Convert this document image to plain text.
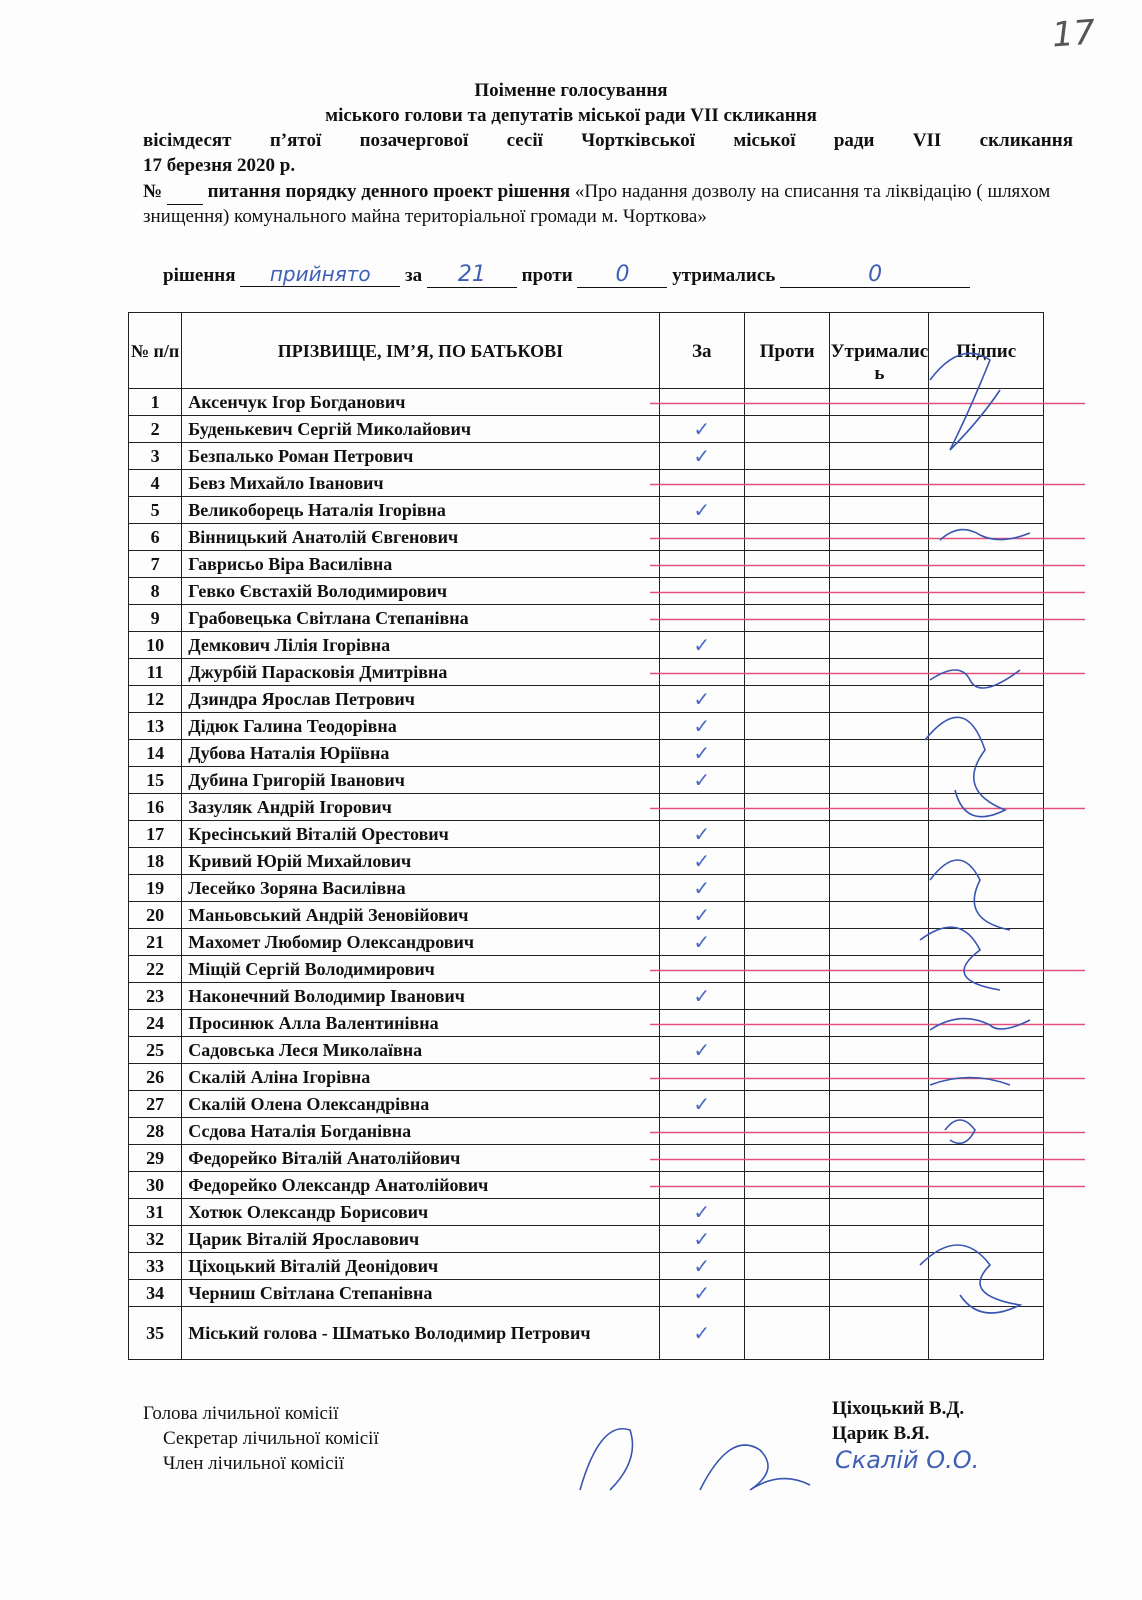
17
Поіменне голосування
міського голови та депутатів міської ради VII скликання
вісімдесят п’ятої позачергової сесії Чортківської міської ради VII скликання
17 березня 2020 р.
№ питання порядку денного проект рішення «Про надання дозволу на списання та ліквідацію ( шляхом знищення) комунального майна територіальної громади м. Чорткова»
рішення прийнято за 21 проти 0 утримались	0
№ п/п	ПРІЗВИЩЕ, ІМ’Я, ПО БАТЬКОВІ	За	Проти	Утрималис ь	Підпис
1	Аксенчук Ігор Богданович				
2	Буденькевич Сергій Миколайович	✓			
3	Безпалько Роман Петрович	✓			
4	Бевз Михайло Іванович				
5	Великоборець Наталія Ігорівна	✓			
6	Вінницький Анатолій Євгенович				
7	Гаврисьо Віра Василівна				
8	Гевко Євстахій Володимирович				
9	Грабовецька Світлана Степанівна				
10	Демкович Лілія Ігорівна	✓			
11	Джурбій Парасковія Дмитрівна				
12	Дзиндра Ярослав Петрович	✓			
13	Дідюк Галина Теодорівна	✓			
14	Дубова Наталія Юріївна	✓			
15	Дубина Григорій Іванович	✓			
16	Зазуляк Андрій Ігорович				
17	Кресінський Віталій Орестович	✓			
18	Кривий Юрій Михайлович	✓			
19	Лесейко Зоряна Василівна	✓			
20	Маньовський Андрій Зеновійович	✓			
21	Махомет Любомир Олександрович	✓			
22	Міщій Сергій Володимирович				
23	Наконечний Володимир Іванович	✓			
24	Просинюк Алла Валентинівна				
25	Садовська Леся Миколаївна	✓			
26	Скалій Аліна Ігорівна				
27	Скалій Олена Олександрівна	✓			
28	Ссдова Наталія Богданівна				
29	Федорейко Віталій Анатолійович				
30	Федорейко Олександр Анатолійович				
31	Хотюк Олександр Борисович	✓			
32	Царик Віталій Ярославович	✓			
33	Ціхоцький Віталій Деонідович	✓			
34	Черниш Світлана Степанівна	✓			
35	Міський голова - Шматько Володимир Петрович	✓			
Голова лічильної комісії
Секретар лічильної комісії
Член лічильної комісії
Ціхоцький В.Д.
Царик В.Я.
Скалій О.О.
